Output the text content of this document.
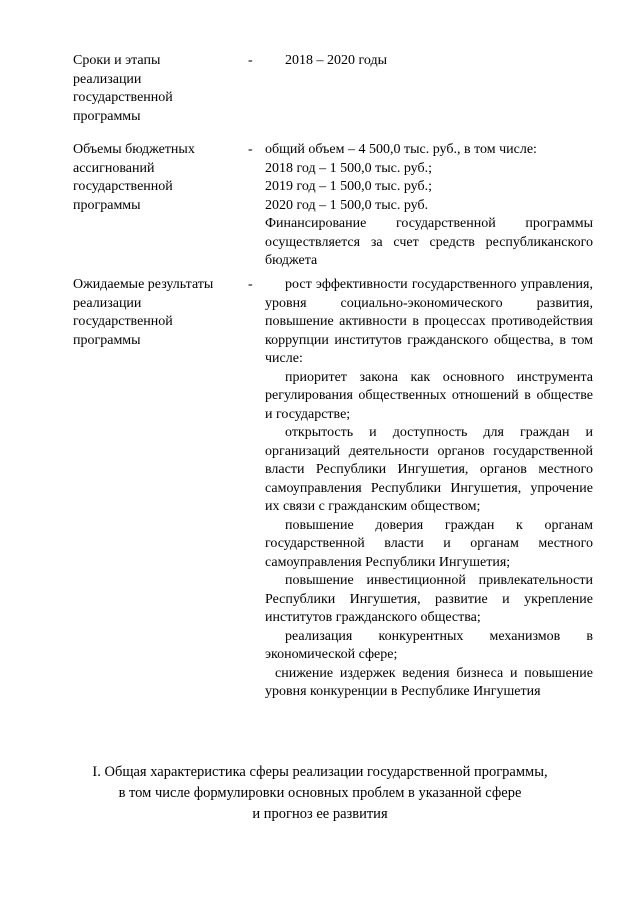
Сроки и этапы реализации государственной программы
-	2018 – 2020 годы

Объемы бюджетных ассигнований государственной программы
- общий объем – 4 500,0 тыс. руб., в том числе:

2018 год – 1 500,0 тыс. руб.;

2019 год – 1 500,0 тыс. руб.;

2020 год – 1 500,0 тыс. руб.

Финансирование государственной программы осуществляется за счет средств республиканского бюджета

Ожидаемые результаты реализации государственной программы
-	рост эффективности государственного управления, уровня социально-экономического развития, повышение активности в процессах противодействия коррупции институтов гражданского общества, в том числе:

приоритет закона как основного инструмента регулирования общественных отношений в обществе и государстве;

открытость и доступность для граждан и организаций деятельности органов государственной власти Республики Ингушетия, органов местного самоуправления Республики Ингушетия, упрочение их связи с гражданским обществом;

повышение доверия граждан к органам государственной власти и органам местного самоуправления Республики Ингушетия;

повышение инвестиционной привлекательности Республики Ингушетия, развитие и укрепление институтов гражданского общества;

реализация конкурентных механизмов в экономической сфере;

снижение издержек ведения бизнеса и повышение уровня конкуренции в Республике Ингушетия

I. Общая характеристика сферы реализации государственной программы,
в том числе формулировки основных проблем в указанной сфере
и прогноз ее развития
